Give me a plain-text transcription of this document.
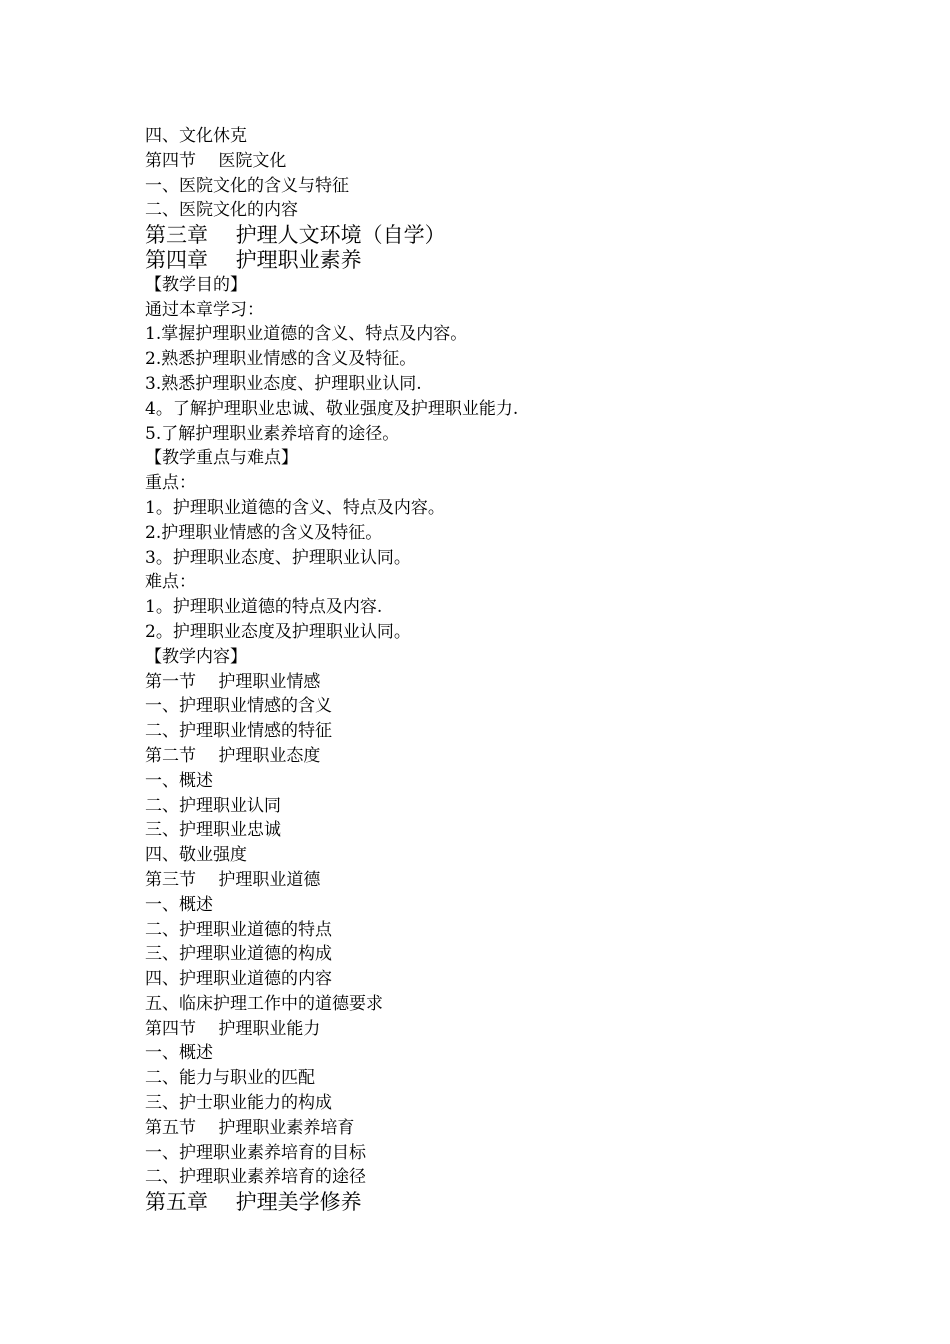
四、文化休克
第四节　 医院文化
一、医院文化的含义与特征
二、医院文化的内容
第三章　 护理人文环境（自学）
第四章　 护理职业素养
【教学目的】
通过本章学习：
1.掌握护理职业道德的含义、特点及内容。
2.熟悉护理职业情感的含义及特征。
3.熟悉护理职业态度、护理职业认同.
4。了解护理职业忠诚、敬业强度及护理职业能力.
5.了解护理职业素养培育的途径。
【教学重点与难点】
重点：
1。护理职业道德的含义、特点及内容。
2.护理职业情感的含义及特征。
3。护理职业态度、护理职业认同。
难点：
1。护理职业道德的特点及内容.
2。护理职业态度及护理职业认同。
【教学内容】
第一节　 护理职业情感
一、护理职业情感的含义
二、护理职业情感的特征
第二节　 护理职业态度
一、概述
二、护理职业认同
三、护理职业忠诚
四、敬业强度
第三节　 护理职业道德
一、概述
二、护理职业道德的特点
三、护理职业道德的构成
四、护理职业道德的内容
五、临床护理工作中的道德要求
第四节　 护理职业能力
一、概述
二、能力与职业的匹配
三、护士职业能力的构成
第五节　 护理职业素养培育
一、护理职业素养培育的目标
二、护理职业素养培育的途径
第五章　 护理美学修养
